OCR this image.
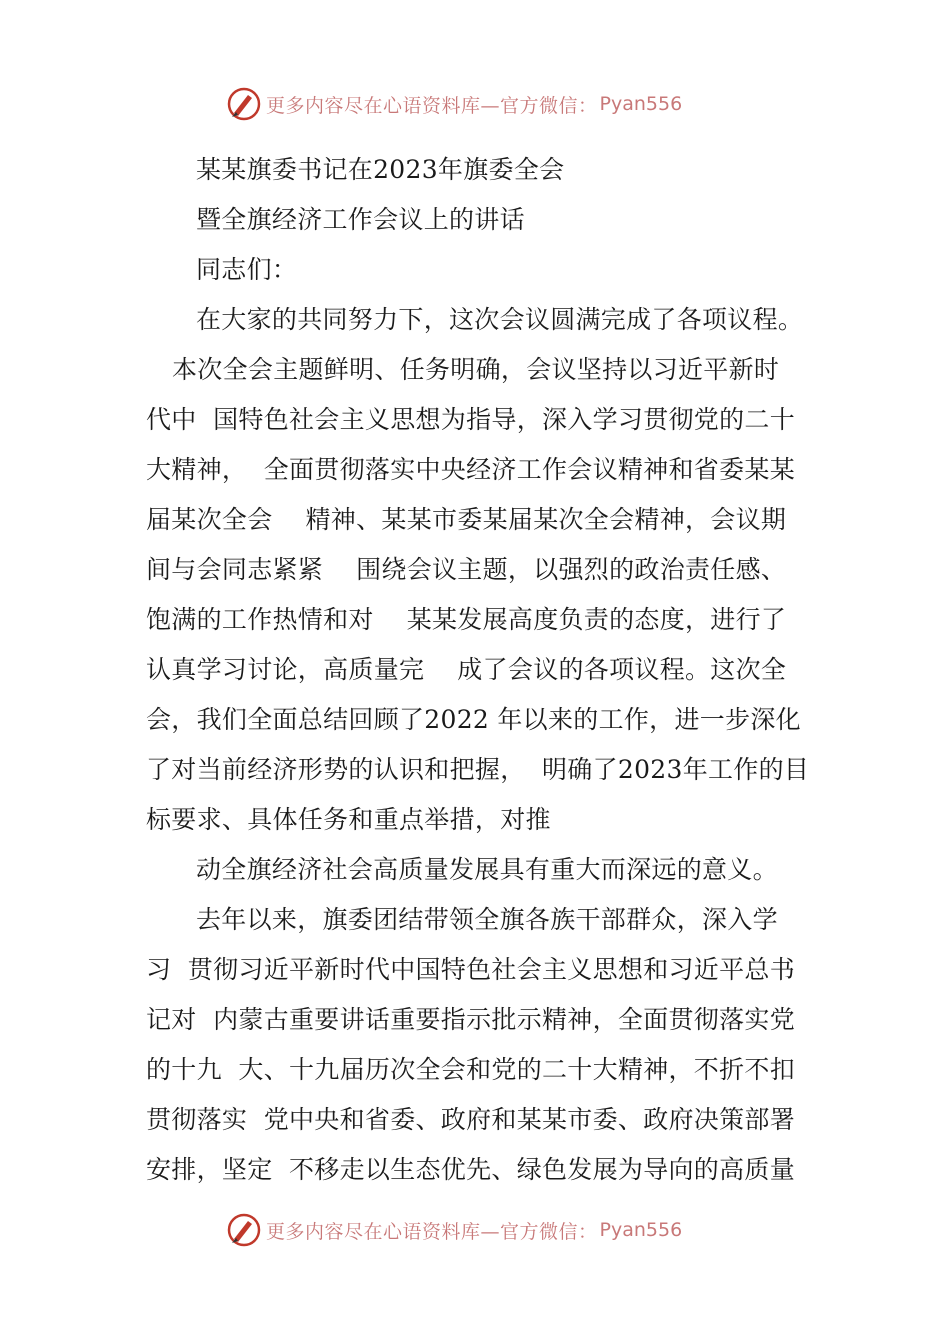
更多内容尽在心语资料库—官方微信： Pyan556
某某旗委书记在2023年旗委全会
暨全旗经济工作会议上的讲话
同志们：
在大家的共同努力下，这次会议圆满完成了各项议程。
本次全会主题鲜明、任务明确，会议坚持以习近平新时
代中  国特色社会主义思想为指导，深入学习贯彻党的二十
大精神，  全面贯彻落实中央经济工作会议精神和省委某某
届某次全会    精神、某某市委某届某次全会精神，会议期
间与会同志紧紧    围绕会议主题，以强烈的政治责任感、
饱满的工作热情和对    某某发展高度负责的态度，进行了
认真学习讨论，高质量完    成了会议的各项议程。这次全
会，我们全面总结回顾了2022 年以来的工作，进一步深化
了对当前经济形势的认识和把握，  明确了2023年工作的目
标要求、具体任务和重点举措，对推
动全旗经济社会高质量发展具有重大而深远的意义。
去年以来，旗委团结带领全旗各族干部群众，深入学
习  贯彻习近平新时代中国特色社会主义思想和习近平总书
记对  内蒙古重要讲话重要指示批示精神，全面贯彻落实党
的十九  大、十九届历次全会和党的二十大精神，不折不扣
贯彻落实  党中央和省委、政府和某某市委、政府决策部署
安排，坚定  不移走以生态优先、绿色发展为导向的高质量
更多内容尽在心语资料库—官方微信： Pyan556
